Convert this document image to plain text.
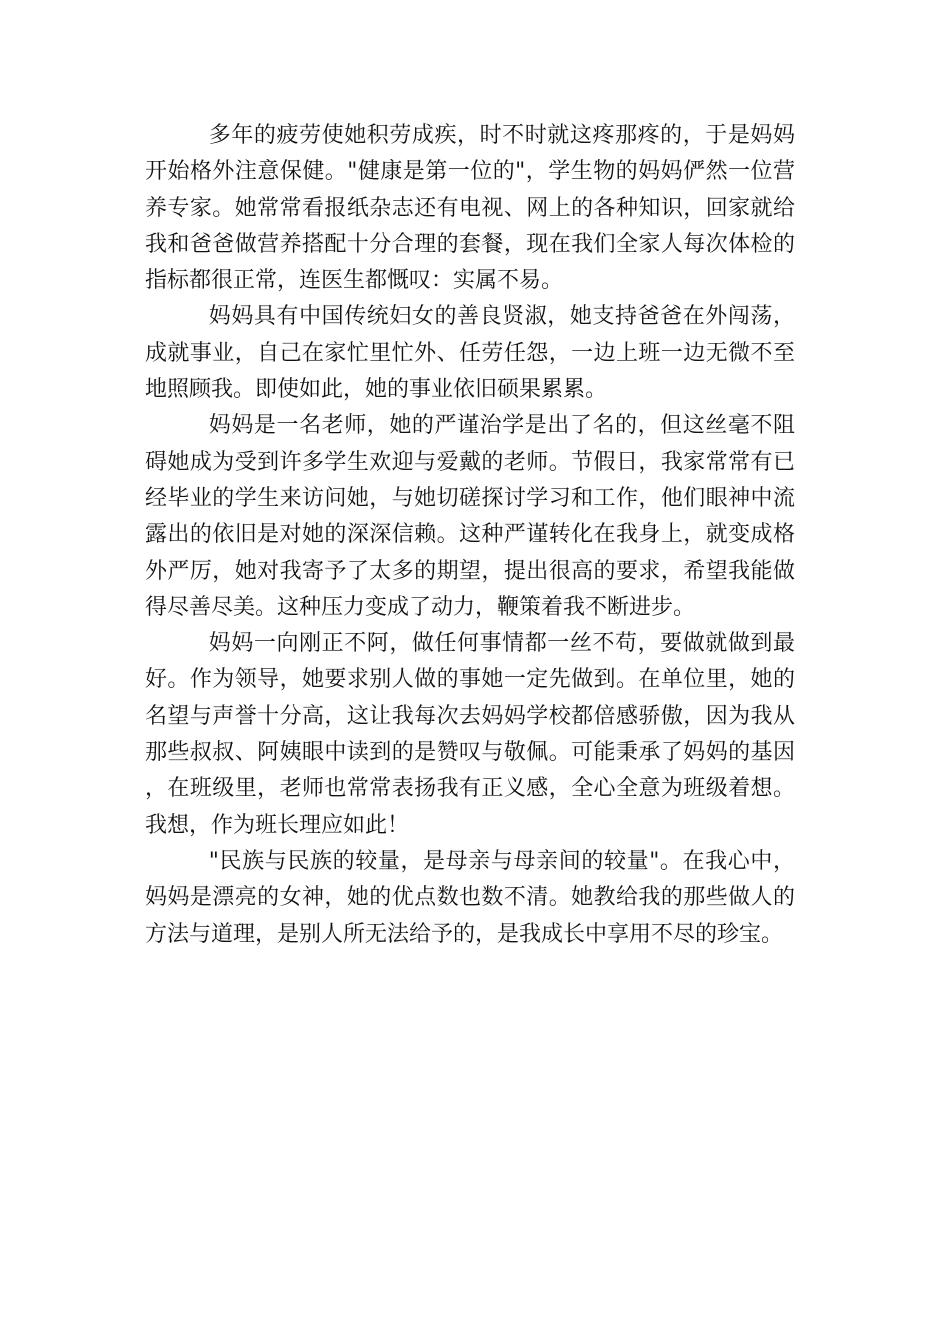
多年的疲劳使她积劳成疾，时不时就这疼那疼的，于是妈妈开始格外注意保健。"健康是第一位的"，学生物的妈妈俨然一位营养专家。她常常看报纸杂志还有电视、网上的各种知识，回家就给我和爸爸做营养搭配十分合理的套餐，现在我们全家人每次体检的指标都很正常，连医生都慨叹：实属不易。

妈妈具有中国传统妇女的善良贤淑，她支持爸爸在外闯荡，成就事业，自己在家忙里忙外、任劳任怨，一边上班一边无微不至地照顾我。即使如此，她的事业依旧硕果累累。

妈妈是一名老师，她的严谨治学是出了名的，但这丝毫不阻碍她成为受到许多学生欢迎与爱戴的老师。节假日，我家常常有已经毕业的学生来访问她，与她切磋探讨学习和工作，他们眼神中流露出的依旧是对她的深深信赖。这种严谨转化在我身上，就变成格外严厉，她对我寄予了太多的期望，提出很高的要求，希望我能做得尽善尽美。这种压力变成了动力，鞭策着我不断进步。

妈妈一向刚正不阿，做任何事情都一丝不苟，要做就做到最好。作为领导，她要求别人做的事她一定先做到。在单位里，她的名望与声誉十分高，这让我每次去妈妈学校都倍感骄傲，因为我从那些叔叔、阿姨眼中读到的是赞叹与敬佩。可能秉承了妈妈的基因，在班级里，老师也常常表扬我有正义感，全心全意为班级着想。我想，作为班长理应如此！

"民族与民族的较量，是母亲与母亲间的较量"。在我心中，妈妈是漂亮的女神，她的优点数也数不清。她教给我的那些做人的方法与道理，是别人所无法给予的，是我成长中享用不尽的珍宝。
